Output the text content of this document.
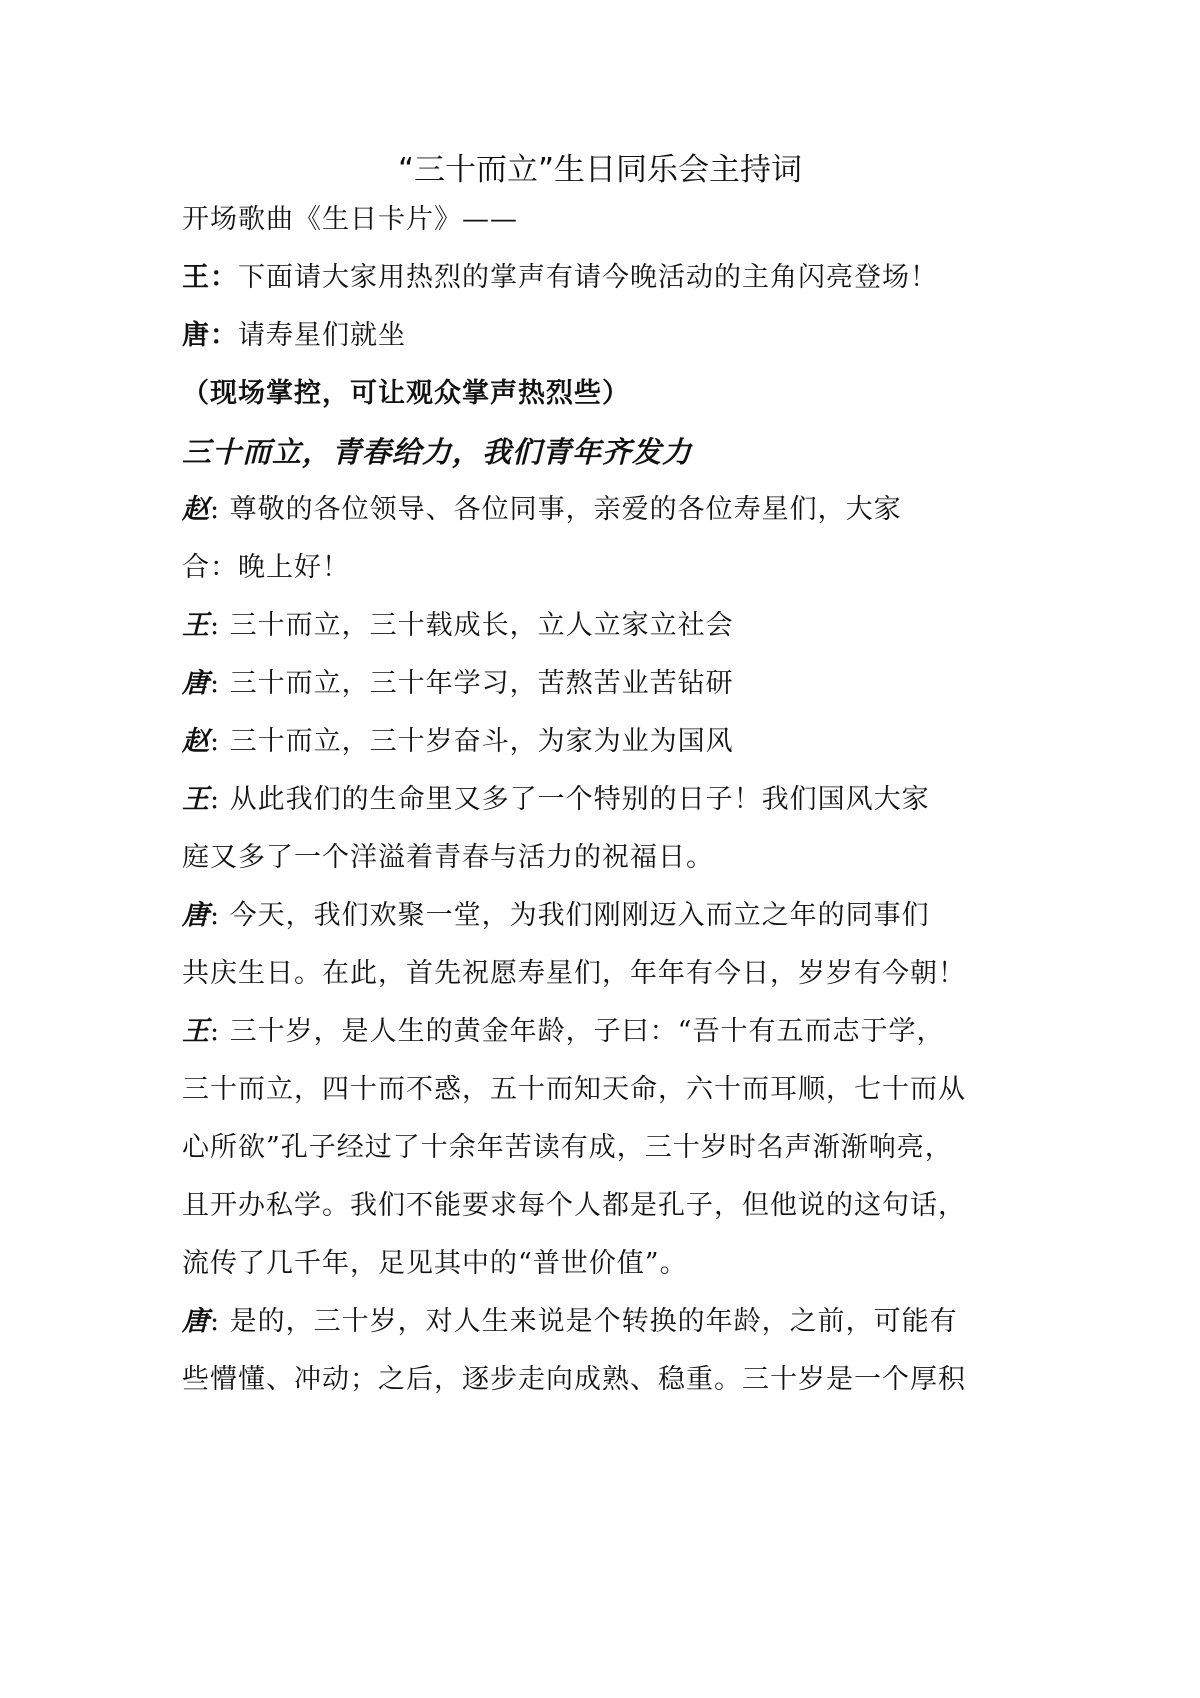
“三十而立”生日同乐会主持词
开场歌曲《生日卡片》——
王：下面请大家用热烈的掌声有请今晚活动的主角闪亮登场！
唐：请寿星们就坐
（现场掌控，可让观众掌声热烈些）
三十而立，青春给力，我们青年齐发力
赵: 尊敬的各位领导、各位同事，亲爱的各位寿星们，大家
合：晚上好！
王: 三十而立，三十载成长，立人立家立社会
唐: 三十而立，三十年学习，苦熬苦业苦钻研
赵: 三十而立，三十岁奋斗，为家为业为国风
王: 从此我们的生命里又多了一个特别的日子！我们国风大家
庭又多了一个洋溢着青春与活力的祝福日。
唐: 今天，我们欢聚一堂，为我们刚刚迈入而立之年的同事们
共庆生日。在此，首先祝愿寿星们，年年有今日，岁岁有今朝！
王: 三十岁，是人生的黄金年龄，子曰：“吾十有五而志于学，
三十而立，四十而不惑，五十而知天命，六十而耳顺，七十而从
心所欲”孔子经过了十余年苦读有成，三十岁时名声渐渐响亮，
且开办私学。我们不能要求每个人都是孔子，但他说的这句话，
流传了几千年，足见其中的“普世价值”。
唐: 是的，三十岁，对人生来说是个转换的年龄，之前，可能有
些懵懂、冲动；之后，逐步走向成熟、稳重。三十岁是一个厚积
